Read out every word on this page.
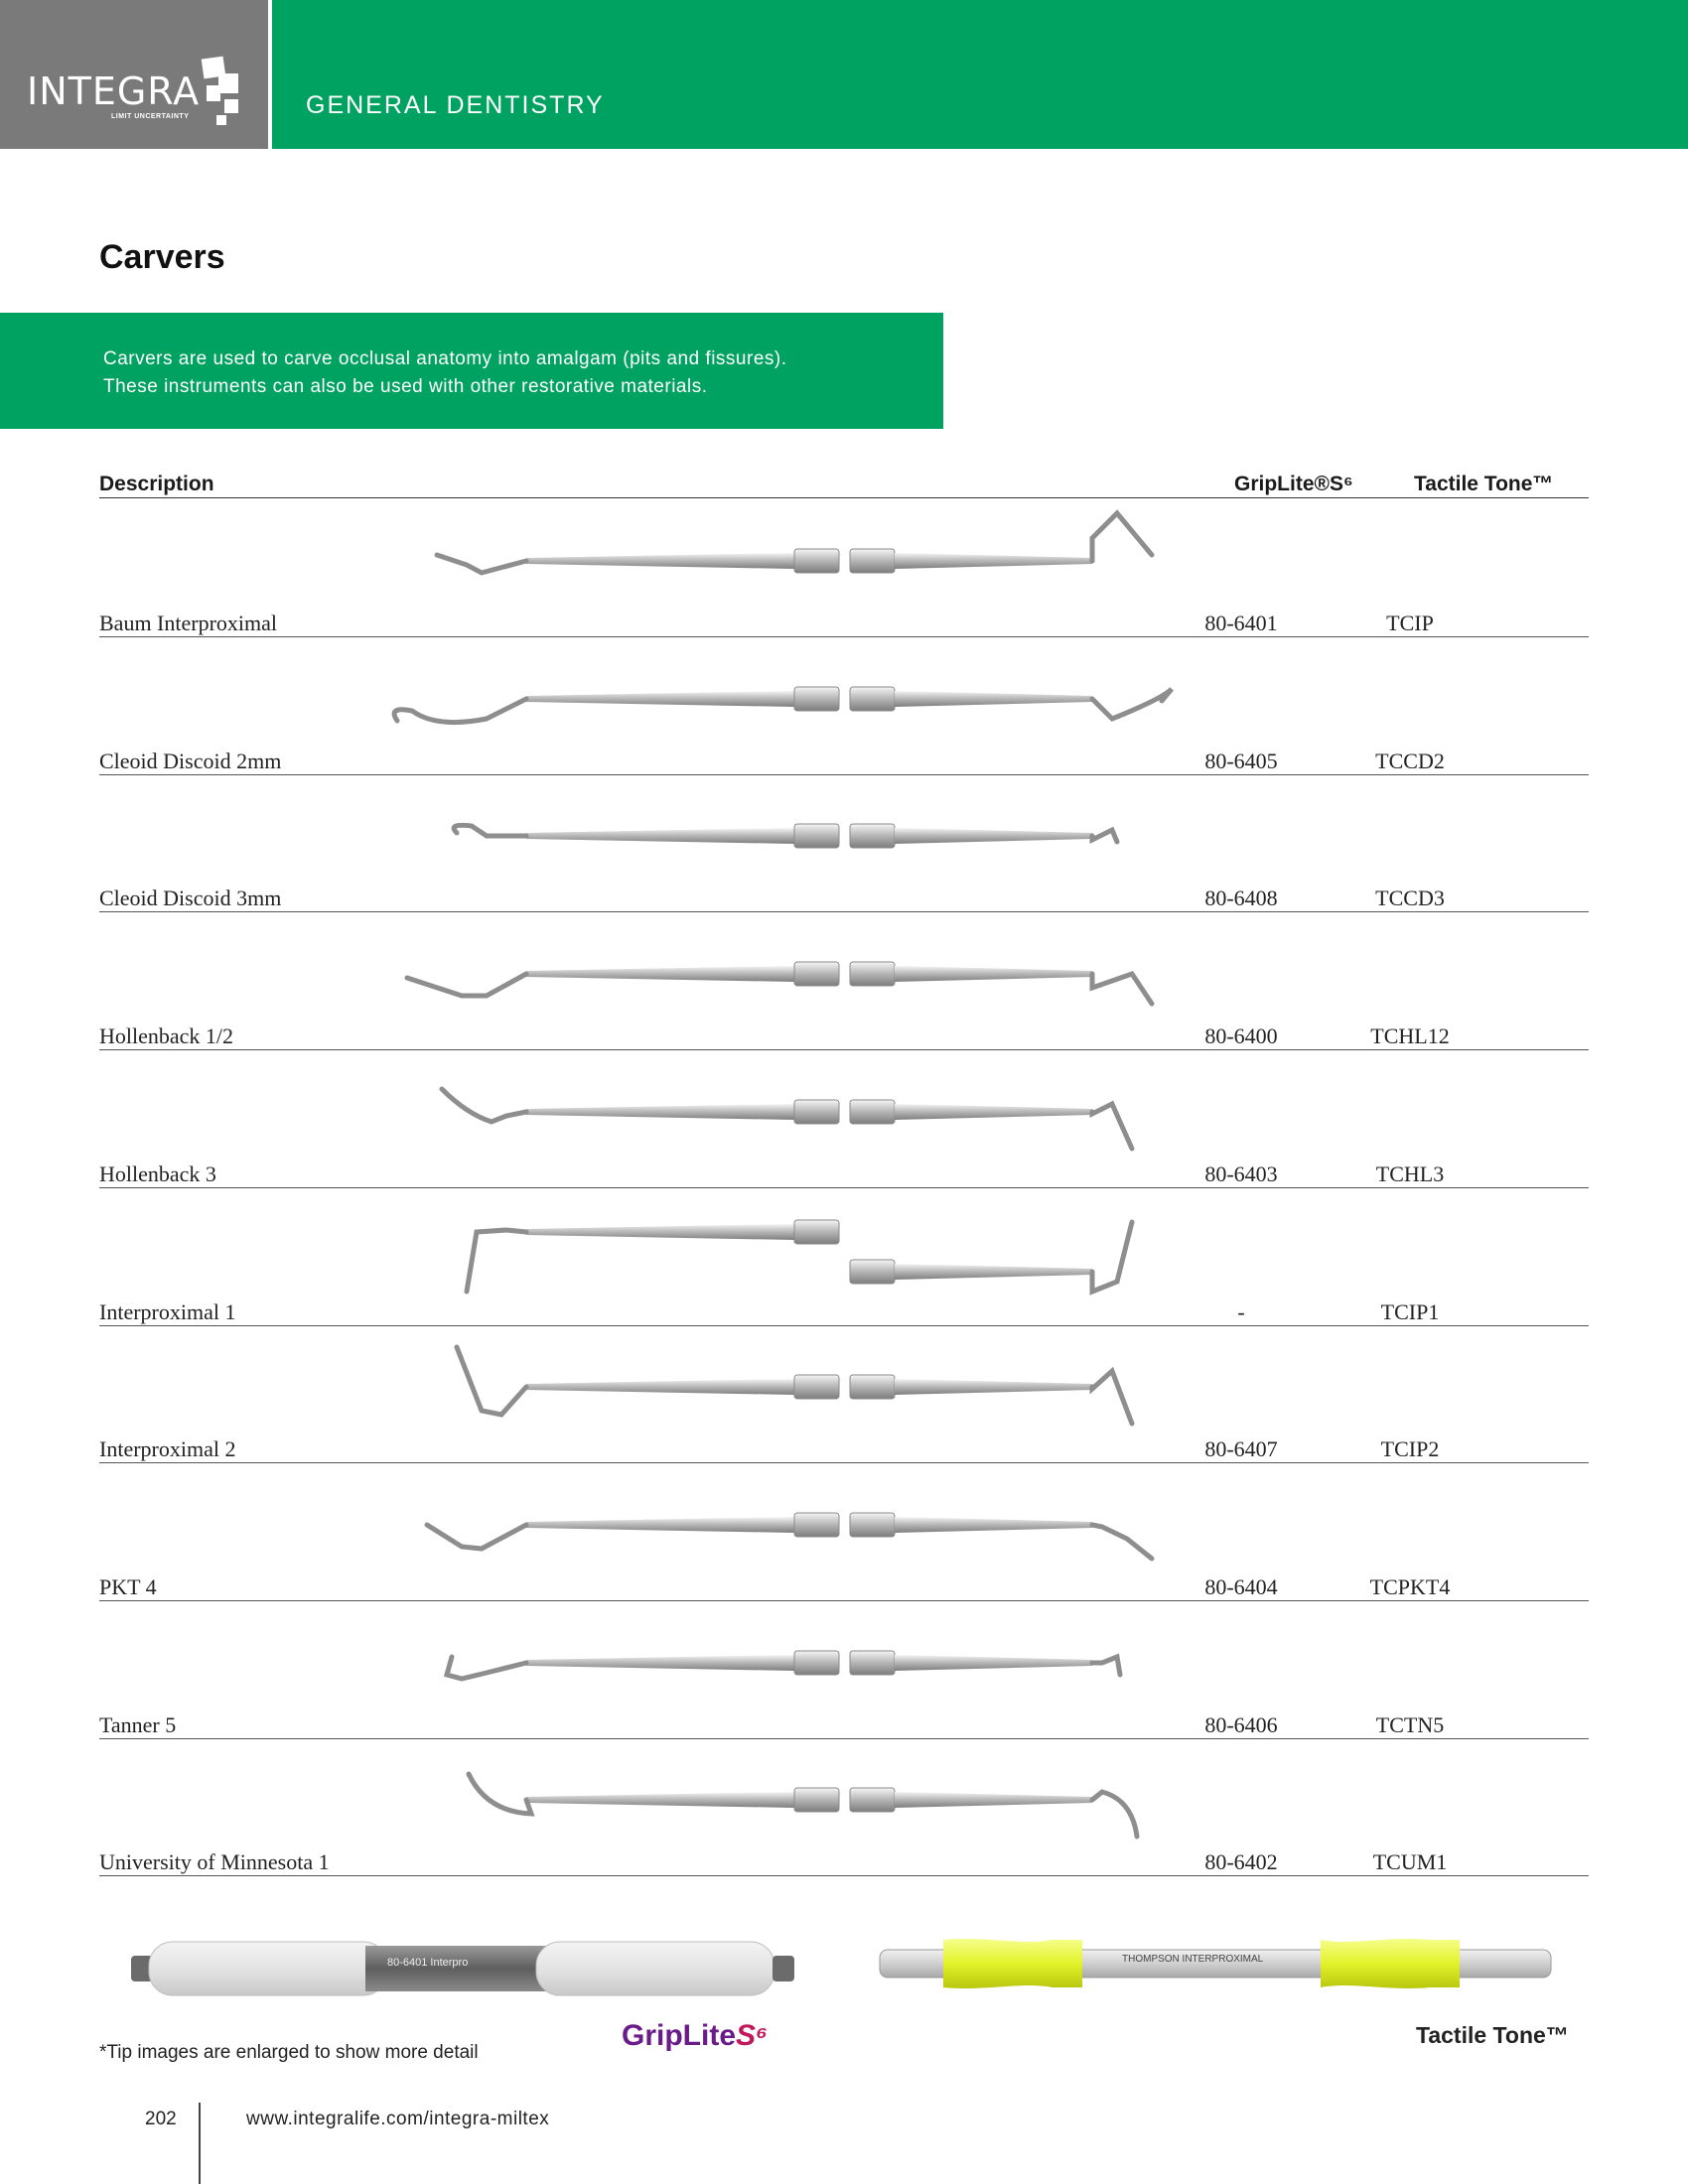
INTEGRA
LIMIT UNCERTAINTY	GENERAL DENTISTRY
Carvers
Carvers are used to carve occlusal anatomy into amalgam (pits and fissures).
These instruments can also be used with other restorative materials.
Description	GripLite®S⁶	Tactile Tone™
Baum Interproximal	80-6401	TCIP
Cleoid Discoid 2mm	80-6405	TCCD2
Cleoid Discoid 3mm	80-6408	TCCD3
Hollenback 1/2	80-6400	TCHL12
Hollenback 3	80-6403	TCHL3
Interproximal 1	-	TCIP1
Interproximal 2	80-6407	TCIP2
PKT 4	80-6404	TCPKT4
Tanner 5	80-6406	TCTN5
University of Minnesota 1	80-6402	TCUM1
80-6401 Interpro	THOMPSON INTERPROXIMAL
GripLiteS⁶
*Tip images are enlarged to show more detail
Tactile Tone™
202	www.integralife.com/integra-miltex
